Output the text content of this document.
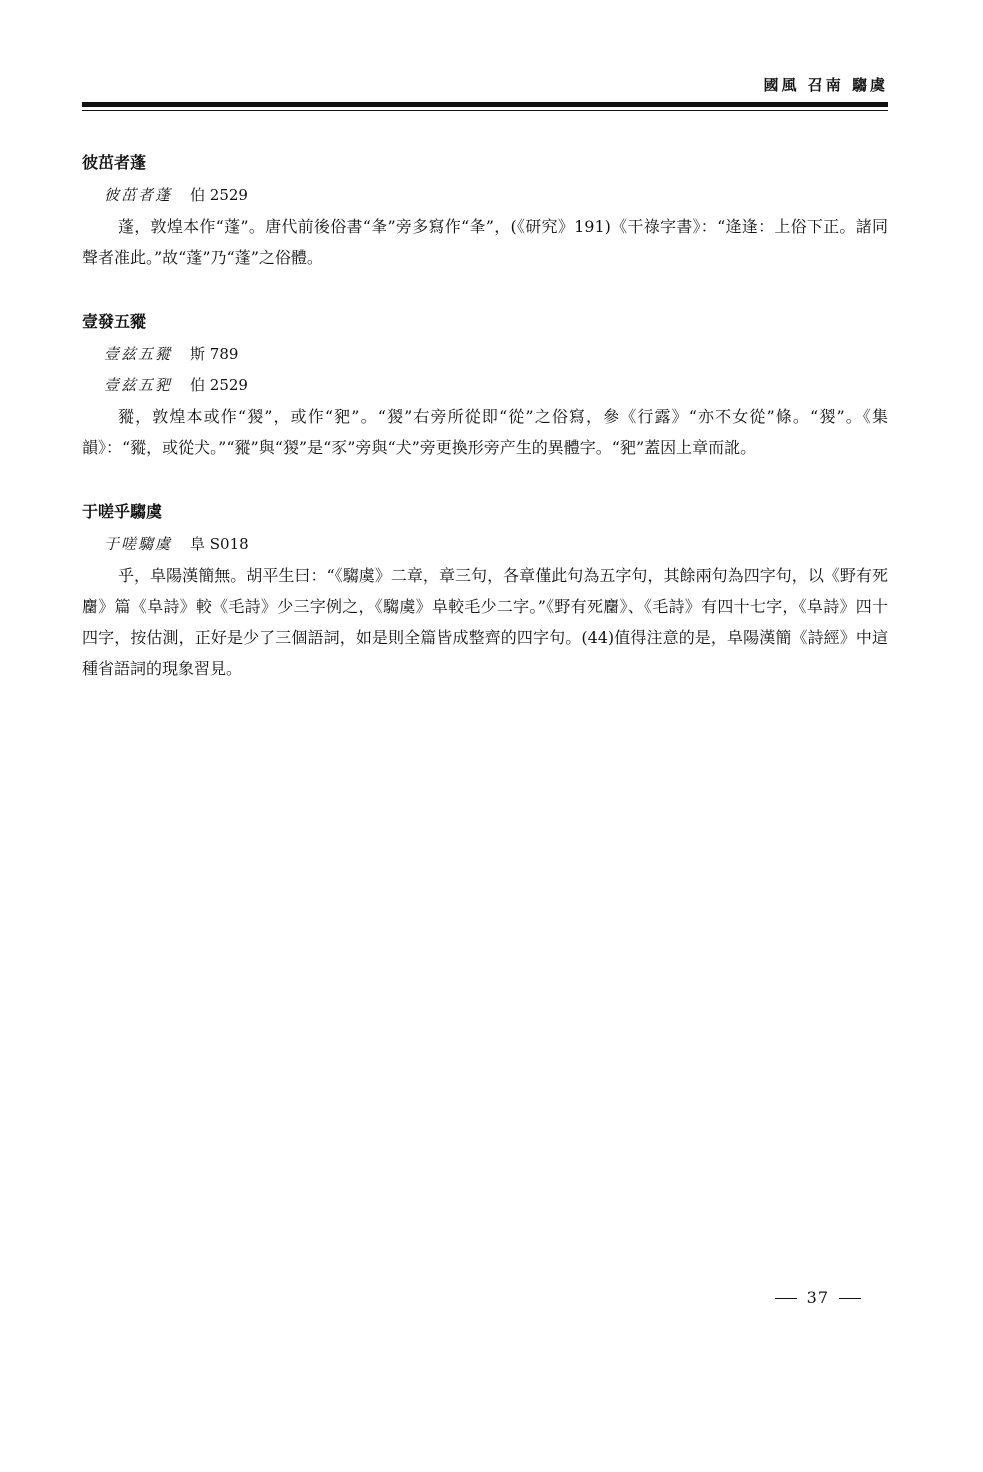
國風 召南 騶虞
彼茁者蓬
彼茁者蓬 伯 2529

蓬，敦煌本作“蓬”。唐代前後俗書“夆”旁多寫作“夆”，(《研究》191)《干祿字書》：“逄逢：上俗下正。諸同聲者准此。”故“蓬”乃“蓬”之俗體。

壹發五豵
壹兹五豵 斯 789
壹兹五豝 伯 2529

豵，敦煌本或作“猣”，或作“豝”。“猣”右旁所從即“從”之俗寫，參《行露》“亦不女從”條。“猣”。《集韻》：“豵，或從犬。”“豵”與“猣”是“豕”旁與“犬”旁更換形旁产生的異體字。“豝”蓋因上章而訛。

于嗟乎騶虞
于嗟騶虞 阜 S018

乎，阜陽漢簡無。胡平生曰：“《騶虞》二章，章三句，各章僅此句為五字句，其餘兩句為四字句，以《野有死麕》篇《阜詩》較《毛詩》少三字例之，《騶虞》阜較毛少二字。”《野有死麕》、《毛詩》有四十七字，《阜詩》四十四字，按估測，正好是少了三個語詞，如是則全篇皆成整齊的四字句。(44)值得注意的是，阜陽漢簡《詩經》中這種省語詞的現象習見。

37
